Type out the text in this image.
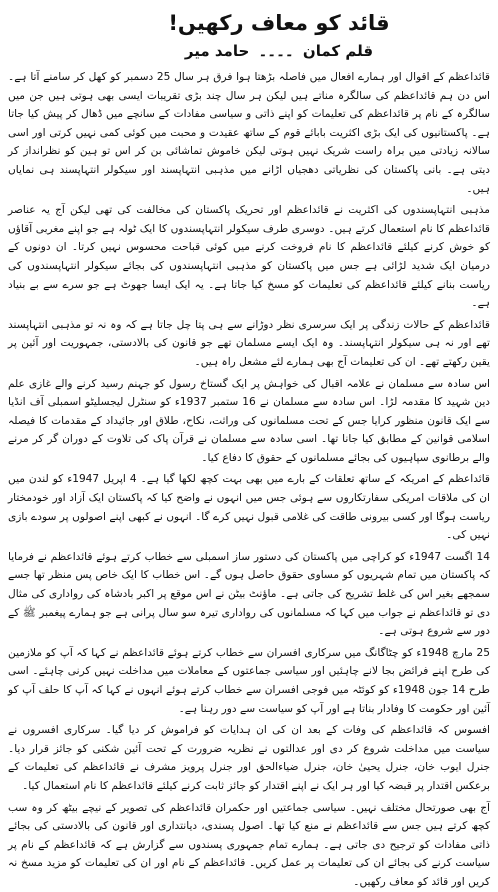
قائد کو معاف رکھیں!
قلم کمان ۔۔۔۔ حامد میر

قائداعظم کے اقوال اور ہمارے افعال میں فاصلہ بڑھتا ہوا فرق ہر سال 25 دسمبر کو کھل کر سامنے آتا ہے۔ اس دن ہم قائداعظم کی سالگرہ مناتے ہیں لیکن ہر سال چند بڑی تقریبات ایسی بھی ہوتی ہیں جن میں سالگرہ کے نام پر قائداعظم کی تعلیمات کو اپنے ذاتی و سیاسی مفادات کے سانچے میں ڈھال کر پیش کیا جاتا ہے۔ پاکستانیوں کی ایک بڑی اکثریت بابائے قوم کے ساتھ عقیدت و محبت میں کوئی کمی نہیں کرتی اور اسی سالانہ زیادتی میں براہ راست شریک نہیں ہوتی لیکن خاموش تماشائی بن کر اس تو ہین کو نظرانداز کر دیتی ہے۔ بانی پاکستان کی نظریاتی دھجیاں اڑانے میں مذہبی انتہاپسند اور سیکولر انتہاپسند ہی نمایاں ہیں۔

مذہبی انتہاپسندوں کی اکثریت نے قائداعظم اور تحریک پاکستان کی مخالفت کی تھی لیکن آج یہ عناصر قائداعظم کا نام استعمال کرتے ہیں۔ دوسری طرف سیکولر انتہاپسندوں کا ایک ٹولہ ہے جو اپنے مغربی آقاؤں کو خوش کرنے کیلئے قائداعظم کا نام فروخت کرنے میں کوئی قباحت محسوس نہیں کرتا۔ ان دونوں کے درمیان ایک شدید لڑائی ہے جس میں پاکستان کو مذہبی انتہاپسندوں کی بجائے سیکولر انتہاپسندوں کی ریاست بنانے کیلئے قائداعظم کی تعلیمات کو مسخ کیا جاتا ہے۔ یہ ایک ایسا جھوٹ ہے جو سرے سے بے بنیاد ہے۔

قائداعظم کے حالات زندگی پر ایک سرسری نظر دوڑانے سے ہی پتا چل جاتا ہے کہ وہ نہ تو مذہبی انتہاپسند تھے اور نہ ہی سیکولر انتہاپسند۔ وہ ایک ایسے مسلمان تھے جو قانون کی بالادستی، جمہوریت اور آئین پر یقین رکھتے تھے۔ ان کی تعلیمات آج بھی ہمارے لئے مشعل راہ ہیں۔

اس سادہ سے مسلمان نے علامہ اقبال کی خواہش پر ایک گستاخ رسول کو جہنم رسید کرنے والے غازی علم دین شہید کا مقدمہ لڑا۔ اس سادہ سے مسلمان نے 16 ستمبر 1937ء کو سنٹرل لیجسلیٹو اسمبلی آف انڈیا سے ایک قانون منظور کرایا جس کے تحت مسلمانوں کی وراثت، نکاح، طلاق اور جائیداد کے مقدمات کا فیصلہ اسلامی قوانین کے مطابق کیا جانا تھا۔ اسی سادہ سے مسلمان نے قرآن پاک کی تلاوت کے دوران گر کر مرنے والے برطانوی سپاہیوں کی بجائے مسلمانوں کے حقوق کا دفاع کیا۔

قائداعظم کے امریکہ کے ساتھ تعلقات کے بارے میں بھی بہت کچھ لکھا گیا ہے۔ 4 اپریل 1947ء کو لندن میں ان کی ملاقات امریکی سفارتکاروں سے ہوئی جس میں انہوں نے واضح کیا کہ پاکستان ایک آزاد اور خودمختار ریاست ہوگا اور کسی بیرونی طاقت کی غلامی قبول نہیں کرے گا۔ انہوں نے کبھی اپنے اصولوں پر سودے بازی نہیں کی۔

14 اگست 1947ء کو کراچی میں پاکستان کی دستور ساز اسمبلی سے خطاب کرتے ہوئے قائداعظم نے فرمایا کہ پاکستان میں تمام شہریوں کو مساوی حقوق حاصل ہوں گے۔ اس خطاب کا ایک خاص پس منظر تھا جسے سمجھے بغیر اس کی غلط تشریح کی جاتی ہے۔ ماؤنٹ بیٹن نے اس موقع پر اکبر بادشاہ کی رواداری کی مثال دی تو قائداعظم نے جواب میں کہا کہ مسلمانوں کی رواداری تیرہ سو سال پرانی ہے جو ہمارے پیغمبر ﷺ کے دور سے شروع ہوتی ہے۔

25 مارچ 1948ء کو چٹاگانگ میں سرکاری افسران سے خطاب کرتے ہوئے قائداعظم نے کہا کہ آپ کو ملازمین کی طرح اپنے فرائض بجا لانے چاہئیں اور سیاسی جماعتوں کے معاملات میں مداخلت نہیں کرنی چاہئے۔ اسی طرح 14 جون 1948ء کو کوئٹہ میں فوجی افسران سے خطاب کرتے ہوئے انہوں نے کہا کہ آپ کا حلف آپ کو آئین اور حکومت کا وفادار بناتا ہے اور آپ کو سیاست سے دور رہنا ہے۔

افسوس کہ قائداعظم کی وفات کے بعد ان کی ان ہدایات کو فراموش کر دیا گیا۔ سرکاری افسروں نے سیاست میں مداخلت شروع کر دی اور عدالتوں نے نظریہ ضرورت کے تحت آئین شکنی کو جائز قرار دیا۔ جنرل ایوب خان، جنرل یحییٰ خان، جنرل ضیاءالحق اور جنرل پرویز مشرف نے قائداعظم کی تعلیمات کے برعکس اقتدار پر قبضہ کیا اور ہر ایک نے اپنے اقتدار کو جائز ثابت کرنے کیلئے قائداعظم کا نام استعمال کیا۔

آج بھی صورتحال مختلف نہیں۔ سیاسی جماعتیں اور حکمران قائداعظم کی تصویر کے نیچے بیٹھ کر وہ سب کچھ کرتے ہیں جس سے قائداعظم نے منع کیا تھا۔ اصول پسندی، دیانتداری اور قانون کی بالادستی کی بجائے ذاتی مفادات کو ترجیح دی جاتی ہے۔ ہمارے تمام جمہوری پسندوں سے گزارش ہے کہ قائداعظم کے نام پر سیاست کرنے کی بجائے ان کی تعلیمات پر عمل کریں۔ قائداعظم کے نام اور ان کی تعلیمات کو مزید مسخ نہ کریں اور قائد کو معاف رکھیں۔
